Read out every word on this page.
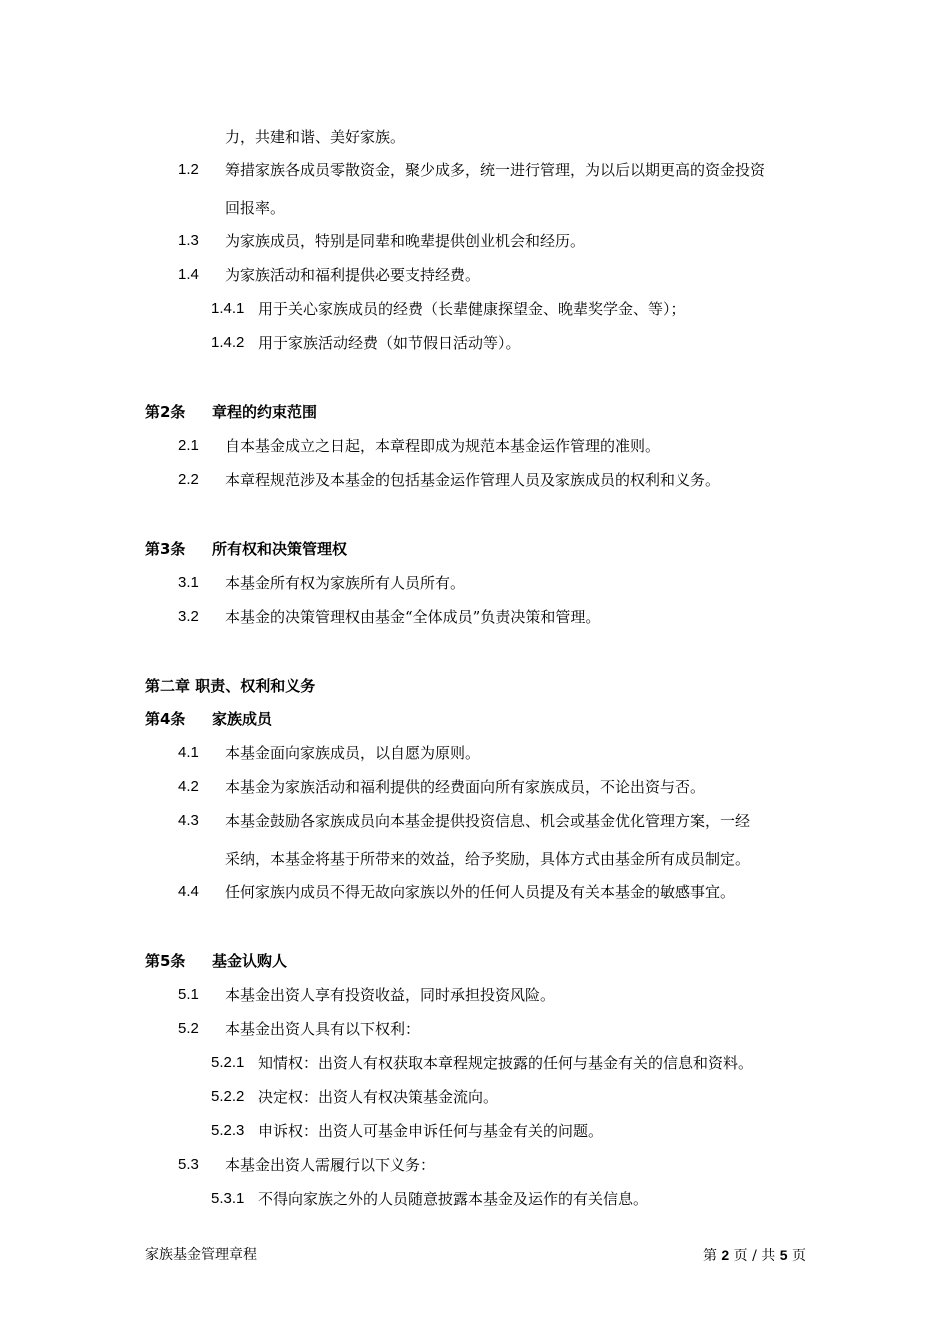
力，共建和谐、美好家族。
1.2 筹措家族各成员零散资金，聚少成多，统一进行管理，为以后以期更高的资金投资
回报率。
1.3 为家族成员，特别是同辈和晚辈提供创业机会和经历。
1.4 为家族活动和福利提供必要支持经费。
1.4.1 用于关心家族成员的经费（长辈健康探望金、晚辈奖学金、等）；
1.4.2 用于家族活动经费（如节假日活动等）。
第2条 章程的约束范围
2.1 自本基金成立之日起，本章程即成为规范本基金运作管理的准则。
2.2 本章程规范涉及本基金的包括基金运作管理人员及家族成员的权利和义务。
第3条 所有权和决策管理权
3.1 本基金所有权为家族所有人员所有。
3.2 本基金的决策管理权由基金“全体成员”负责决策和管理。
第二章 职责、权利和义务
第4条 家族成员
4.1 本基金面向家族成员，以自愿为原则。
4.2 本基金为家族活动和福利提供的经费面向所有家族成员，不论出资与否。
4.3 本基金鼓励各家族成员向本基金提供投资信息、机会或基金优化管理方案，一经
采纳，本基金将基于所带来的效益，给予奖励，具体方式由基金所有成员制定。
4.4 任何家族内成员不得无故向家族以外的任何人员提及有关本基金的敏感事宜。
第5条 基金认购人
5.1 本基金出资人享有投资收益，同时承担投资风险。
5.2 本基金出资人具有以下权利：
5.2.1 知情权：出资人有权获取本章程规定披露的任何与基金有关的信息和资料。
5.2.2 决定权：出资人有权决策基金流向。
5.2.3 申诉权：出资人可基金申诉任何与基金有关的问题。
5.3 本基金出资人需履行以下义务：
5.3.1 不得向家族之外的人员随意披露本基金及运作的有关信息。
家族基金管理章程	第 2 页 / 共 5 页
